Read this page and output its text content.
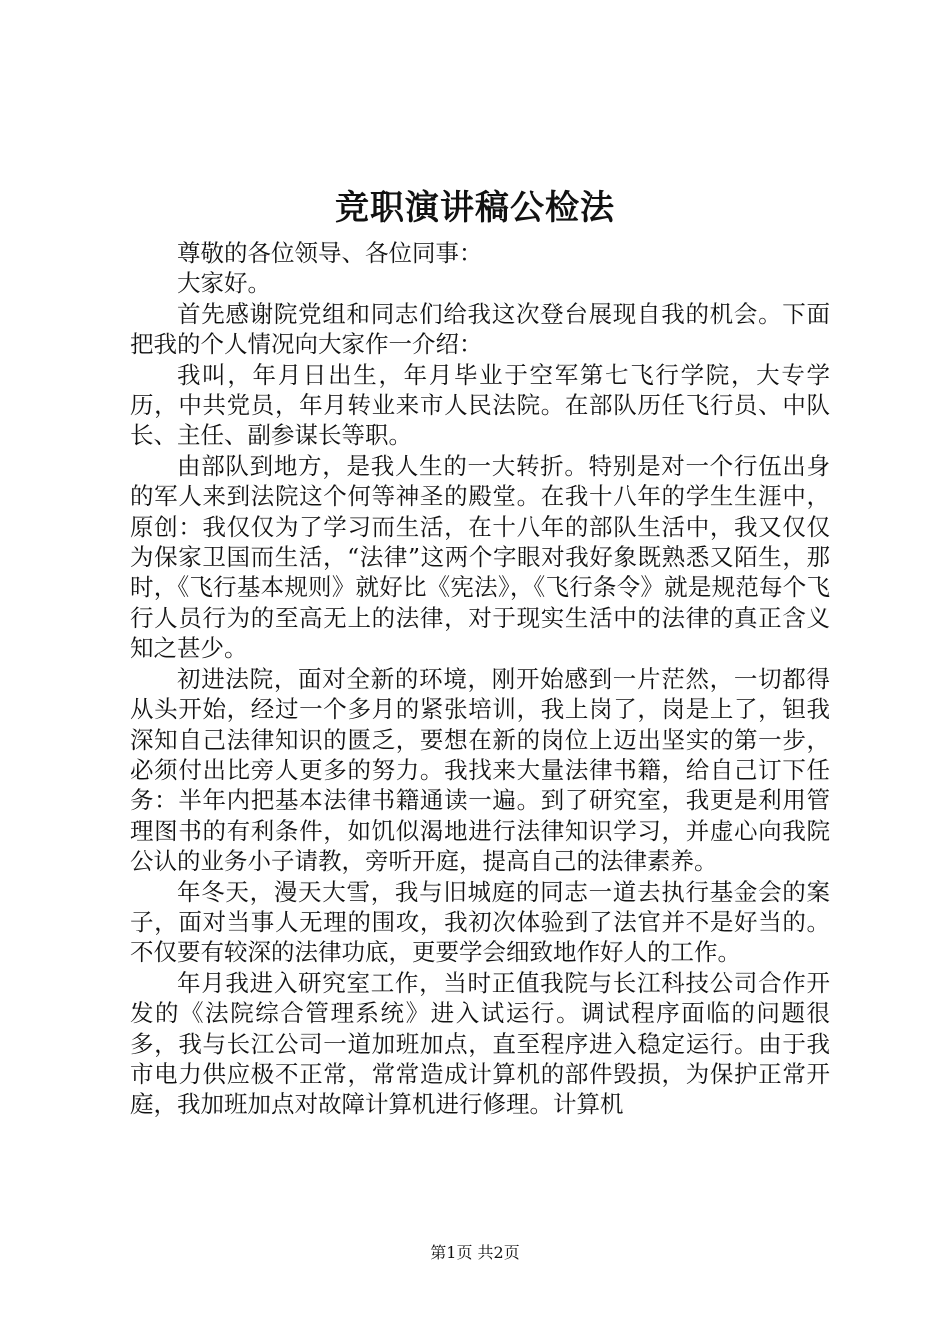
竞职演讲稿公检法

尊敬的各位领导、各位同事：

大家好。

首先感谢院党组和同志们给我这次登台展现自我的机会。下面把我的个人情况向大家作一介绍：

我叫，年月日出生，年月毕业于空军第七飞行学院，大专学历，中共党员，年月转业来市人民法院。在部队历任飞行员、中队长、主任、副参谋长等职。

由部队到地方，是我人生的一大转折。特别是对一个行伍出身的军人来到法院这个何等神圣的殿堂。在我十八年的学生生涯中，原创：我仅仅为了学习而生活，在十八年的部队生活中，我又仅仅为保家卫国而生活，“法律”这两个字眼对我好象既熟悉又陌生，那时，《飞行基本规则》就好比《宪法》，《飞行条令》就是规范每个飞行人员行为的至高无上的法律，对于现实生活中的法律的真正含义知之甚少。

初进法院，面对全新的环境，刚开始感到一片茫然，一切都得从头开始，经过一个多月的紧张培训，我上岗了，岗是上了，钽我深知自己法律知识的匮乏，要想在新的岗位上迈出坚实的第一步，必须付出比旁人更多的努力。我找来大量法律书籍，给自己订下任务：半年内把基本法律书籍通读一遍。到了研究室，我更是利用管理图书的有利条件，如饥似渴地进行法律知识学习，并虚心向我院公认的业务小子请教，旁听开庭，提高自己的法律素养。

年冬天，漫天大雪，我与旧城庭的同志一道去执行基金会的案子，面对当事人无理的围攻，我初次体验到了法官并不是好当的。不仅要有较深的法律功底，更要学会细致地作好人的工作。

年月我进入研究室工作，当时正值我院与长江科技公司合作开发的《法院综合管理系统》进入试运行。调试程序面临的问题很多，我与长江公司一道加班加点，直至程序进入稳定运行。由于我市电力供应极不正常，常常造成计算机的部件毁损，为保护正常开庭，我加班加点对故障计算机进行修理。计算机

第1页 共2页
